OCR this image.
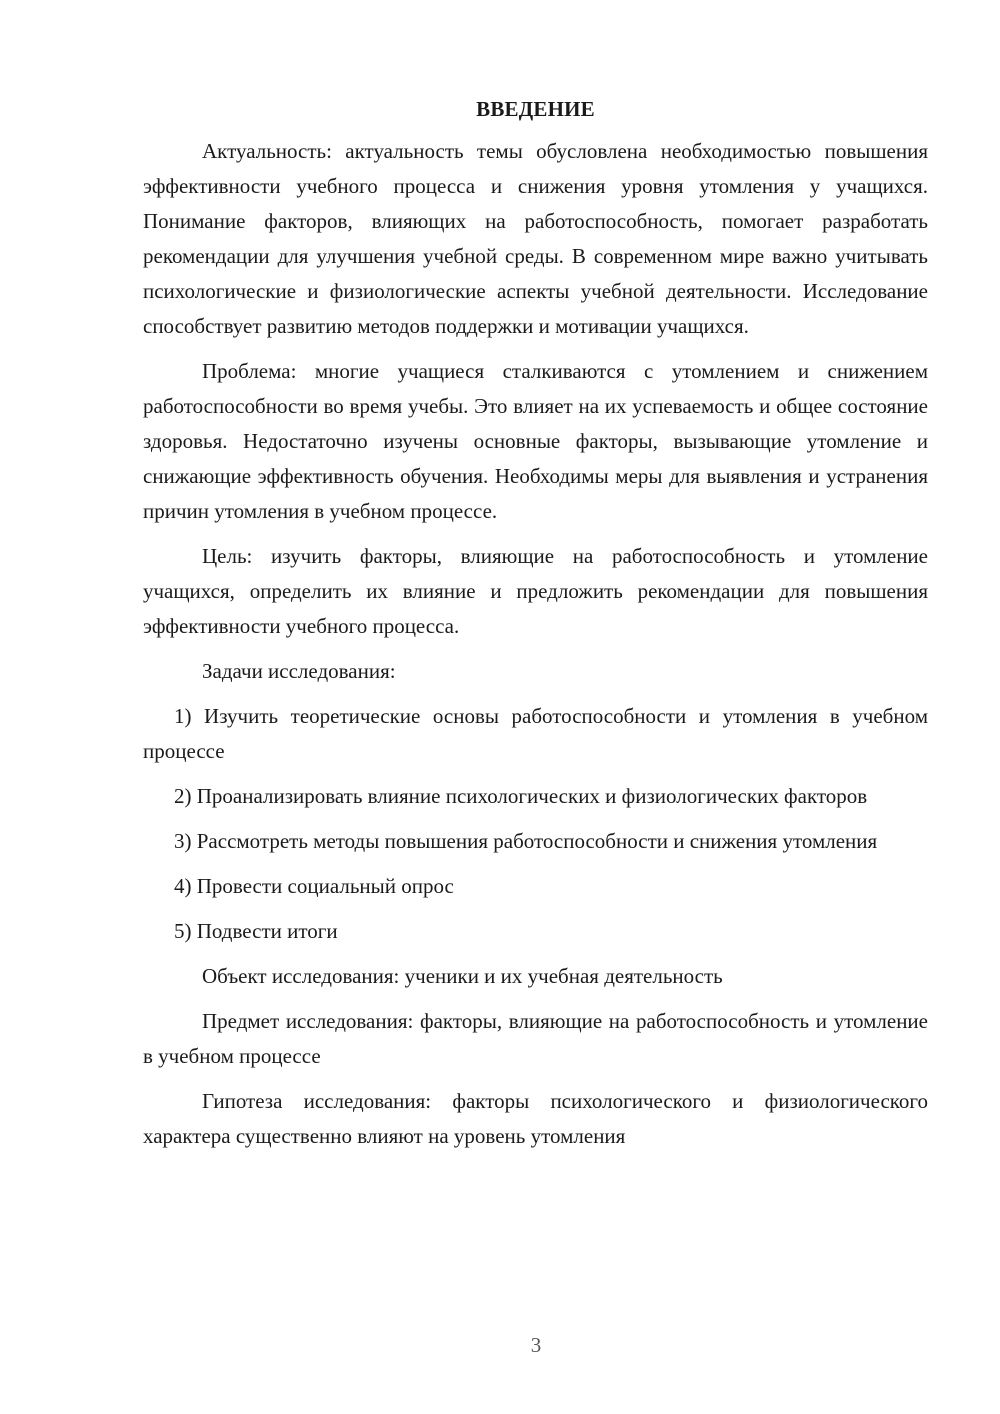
ВВЕДЕНИЕ

Актуальность: актуальность темы обусловлена необходимостью повышения эффективности учебного процесса и снижения уровня утомления у учащихся. Понимание факторов, влияющих на работоспособность, помогает разработать рекомендации для улучшения учебной среды. В современном мире важно учитывать психологические и физиологические аспекты учебной деятельности. Исследование способствует развитию методов поддержки и мотивации учащихся.

Проблема: многие учащиеся сталкиваются с утомлением и снижением работоспособности во время учебы. Это влияет на их успеваемость и общее состояние здоровья. Недостаточно изучены основные факторы, вызывающие утомление и снижающие эффективность обучения. Необходимы меры для выявления и устранения причин утомления в учебном процессе.

Цель: изучить факторы, влияющие на работоспособность и утомление учащихся, определить их влияние и предложить рекомендации для повышения эффективности учебного процесса.

Задачи исследования:

1) Изучить теоретические основы работоспособности и утомления в учебном процессе

2) Проанализировать влияние психологических и физиологических факторов

3) Рассмотреть методы повышения работоспособности и снижения утомления

4) Провести социальный опрос

5) Подвести итоги

Объект исследования: ученики и их учебная деятельность

Предмет исследования: факторы, влияющие на работоспособность и утомление в учебном процессе

Гипотеза исследования: факторы психологического и физиологического характера существенно влияют на уровень утомления

3
